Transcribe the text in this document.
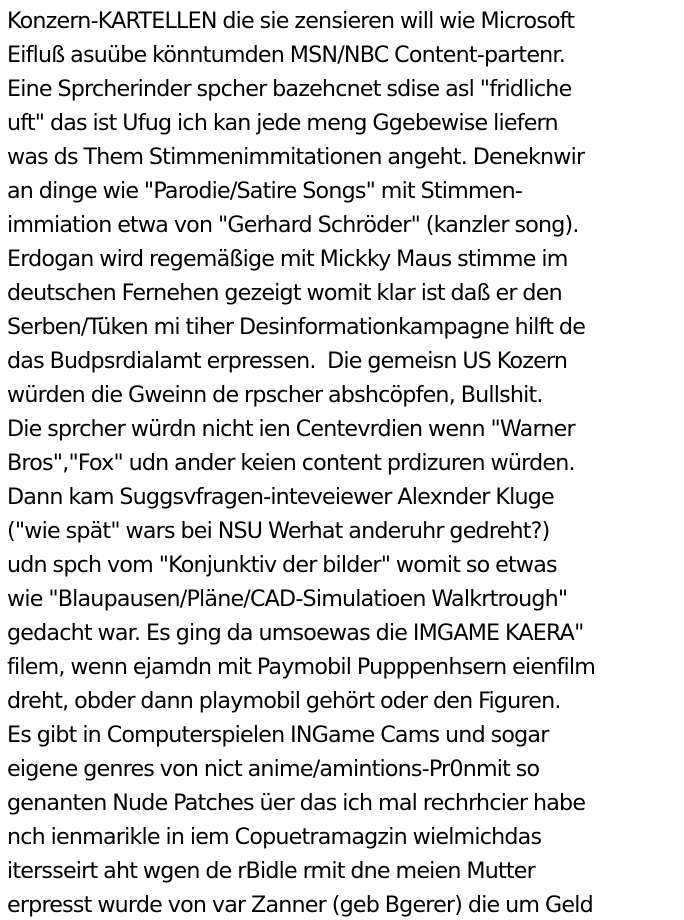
Konzern-KARTELLEN die sie zensieren will wie Microsoft
Eifluß asuübe könntumden MSN/NBC Content-partenr.
Eine Sprcherinder spcher bazehcnet sdise asl "fridliche
uft" das ist Ufug ich kan jede meng Ggebewise liefern
was ds Them Stimmenimmitationen angeht. Deneknwir
an dinge wie "Parodie/Satire Songs" mit Stimmen-
immiation etwa von "Gerhard Schröder" (kanzler song).
Erdogan wird regemäßige mit Mickky Maus stimme im
deutschen Fernehen gezeigt womit klar ist daß er den
Serben/Tüken mi tiher Desinformationkampagne hilft de
das Budpsrdialamt erpressen.  Die gemeisn US Kozern
würden die Gweinn de rpscher abshcöpfen, Bullshit.
Die sprcher würdn nicht ien Centevrdien wenn "Warner
Bros","Fox" udn ander keien content prdizuren würden.
Dann kam Suggsvfragen-inteveiewer Alexnder Kluge
("wie spät" wars bei NSU Werhat anderuhr gedreht?)
udn spch vom "Konjunktiv der bilder" womit so etwas
wie "Blaupausen/Pläne/CAD-Simulatioen Walkrtrough"
gedacht war. Es ging da umsoewas die IMGAME KAERA"
filem, wenn ejamdn mit Paymobil Pupppenhsern eienfilm
dreht, obder dann playmobil gehört oder den Figuren.
Es gibt in Computerspielen INGame Cams und sogar
eigene genres von nict anime/amintions-Pr0nmit so
genanten Nude Patches üer das ich mal rechrhcier habe
nch ienmarikle in iem Copuetramagzin wielmichdas
itersseirt aht wgen de rBidle rmit dne meien Mutter
erpresst wurde von var Zanner (geb Bgerer) die um Geld
